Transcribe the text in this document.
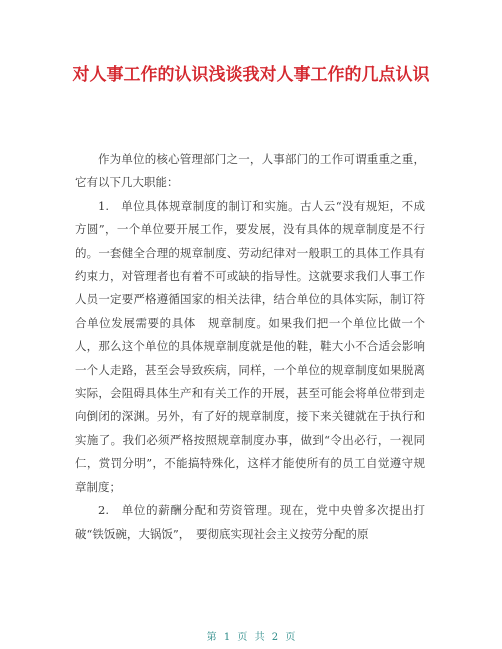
对人事工作的认识浅谈我对人事工作的几点认识

作为单位的核心管理部门之一，人事部门的工作可谓重重之重，它有以下几大职能：

1.　单位具体规章制度的制订和实施。古人云“没有规矩，不成方圆”，一个单位要开展工作，要发展，没有具体的规章制度是不行的。一套健全合理的规章制度、劳动纪律对一般职工的具体工作具有约束力，对管理者也有着不可或缺的指导性。这就要求我们人事工作人员一定要严格遵循国家的相关法律，结合单位的具体实际，制订符合单位发展需要的具体　规章制度。如果我们把一个单位比做一个人，那么这个单位的具体规章制度就是他的鞋，鞋大小不合适会影响一个人走路，甚至会导致疾病，同样，一个单位的规章制度如果脱离实际，会阻碍具体生产和有关工作的开展，甚至可能会将单位带到走向倒闭的深渊。另外，有了好的规章制度，接下来关键就在于执行和实施了。我们必须严格按照规章制度办事，做到“令出必行，一视同仁，赏罚分明”，不能搞特殊化，这样才能使所有的员工自觉遵守规章制度；

2.　单位的薪酬分配和劳资管理。现在，党中央曾多次提出打破“铁饭碗，大锅饭”，　要彻底实现社会主义按劳分配的原

第 1 页 共 2 页
